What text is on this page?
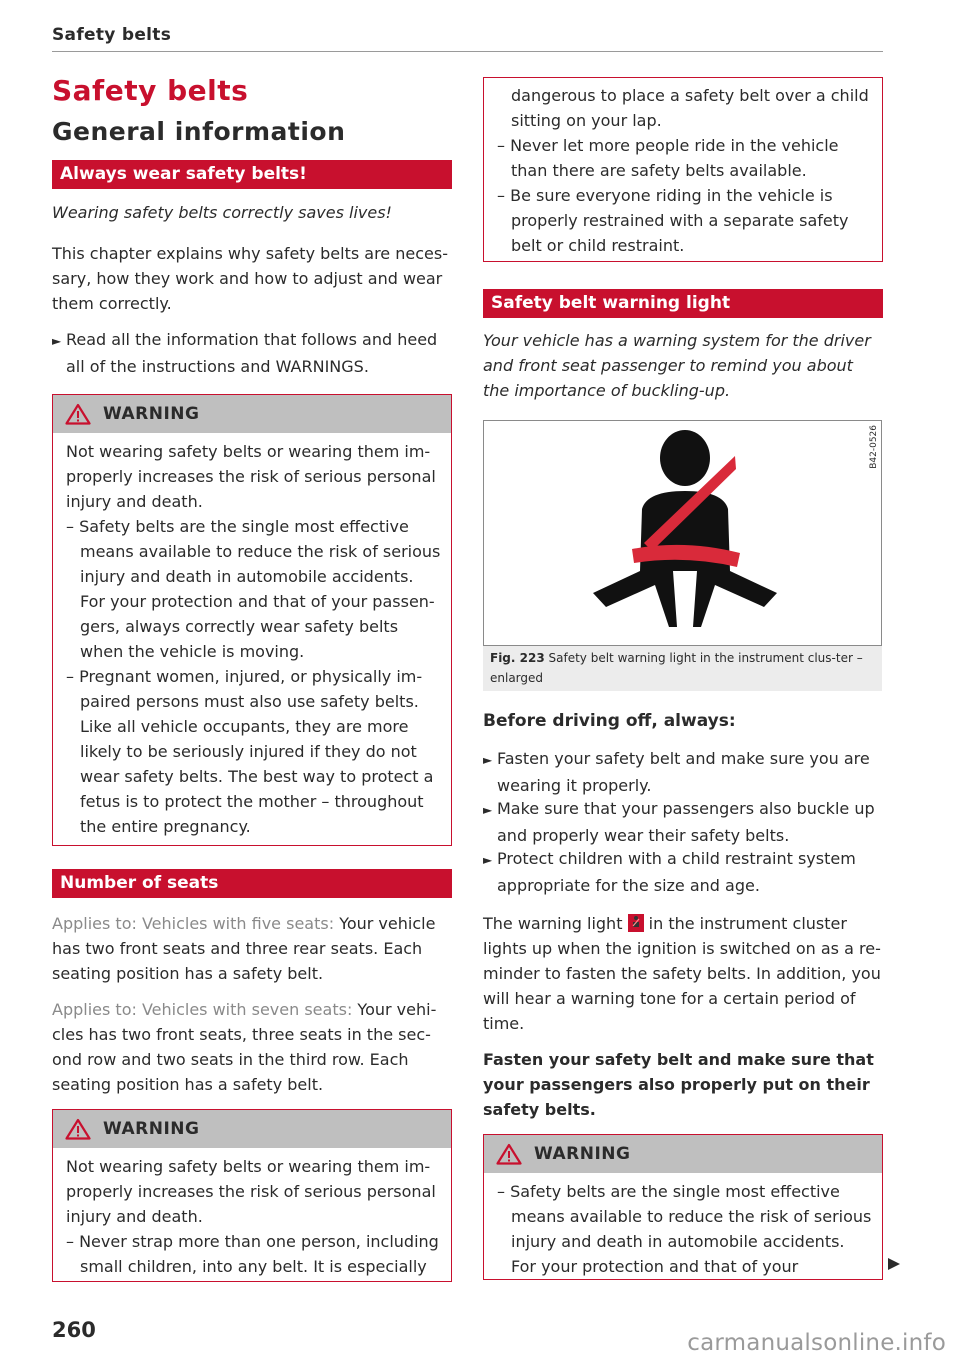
Safety belts
Safety belts
General information
Always wear safety belts!
Wearing safety belts correctly saves lives!
This chapter explains why safety belts are neces-sary, how they work and how to adjust and wear them correctly.
► Read all the information that follows and heed all of the instructions and WARNINGS.
WARNING
Not wearing safety belts or wearing them im-properly increases the risk of serious personal injury and death.
– Safety belts are the single most effective means available to reduce the risk of serious injury and death in automobile accidents. For your protection and that of your passen-gers, always correctly wear safety belts when the vehicle is moving.
– Pregnant women, injured, or physically im-paired persons must also use safety belts. Like all vehicle occupants, they are more likely to be seriously injured if they do not wear safety belts. The best way to protect a fetus is to protect the mother – throughout the entire pregnancy.
Number of seats
Applies to: Vehicles with five seats: Your vehicle has two front seats and three rear seats. Each seating position has a safety belt.
Applies to: Vehicles with seven seats: Your vehi-cles has two front seats, three seats in the sec-ond row and two seats in the third row. Each seating position has a safety belt.
WARNING
Not wearing safety belts or wearing them im-properly increases the risk of serious personal injury and death.
– Never strap more than one person, including small children, into any belt. It is especially
dangerous to place a safety belt over a child sitting on your lap.
– Never let more people ride in the vehicle than there are safety belts available.
– Be sure everyone riding in the vehicle is properly restrained with a separate safety belt or child restraint.
Safety belt warning light
Your vehicle has a warning system for the driver and front seat passenger to remind you about the importance of buckling-up.
B42-0526
Fig. 223 Safety belt warning light in the instrument clus-ter – enlarged
Before driving off, always:
► Fasten your safety belt and make sure you are wearing it properly.
► Make sure that your passengers also buckle up and properly wear their safety belts.
► Protect children with a child restraint system appropriate for the size and age.
The warning light in the instrument cluster lights up when the ignition is switched on as a re-minder to fasten the safety belts. In addition, you will hear a warning tone for a certain period of time.
Fasten your safety belt and make sure that your passengers also properly put on their safety belts.
WARNING
– Safety belts are the single most effective means available to reduce the risk of serious injury and death in automobile accidents. For your protection and that of your
260	carmanualsonline.info
